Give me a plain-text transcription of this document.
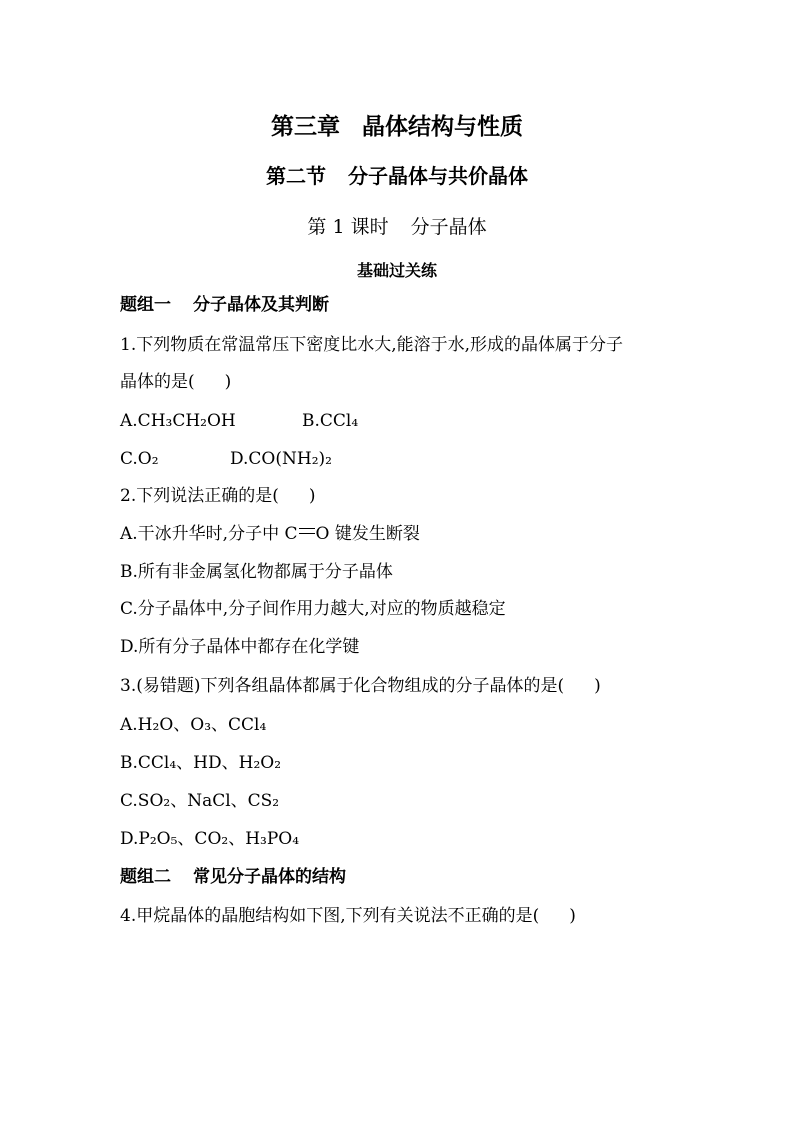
第三章 晶体结构与性质
第二节 分子晶体与共价晶体
第 1 课时 分子晶体
基础过关练
题组一 分子晶体及其判断
1.下列物质在常温常压下密度比水大,能溶于水,形成的晶体属于分子
晶体的是( )
A.CH₃CH₂OH	B.CCl₄
C.O₂	D.CO(NH₂)₂
2.下列说法正确的是( )
A.干冰升华时,分子中 C O 键发生断裂
B.所有非金属氢化物都属于分子晶体
C.分子晶体中,分子间作用力越大,对应的物质越稳定
D.所有分子晶体中都存在化学键
3.(易错题)下列各组晶体都属于化合物组成的分子晶体的是( )
A.H₂O、O₃、CCl₄
B.CCl₄、HD、H₂O₂
C.SO₂、NaCl、CS₂
D.P₂O₅、CO₂、H₃PO₄
题组二 常见分子晶体的结构
4.甲烷晶体的晶胞结构如下图,下列有关说法不正确的是( )
